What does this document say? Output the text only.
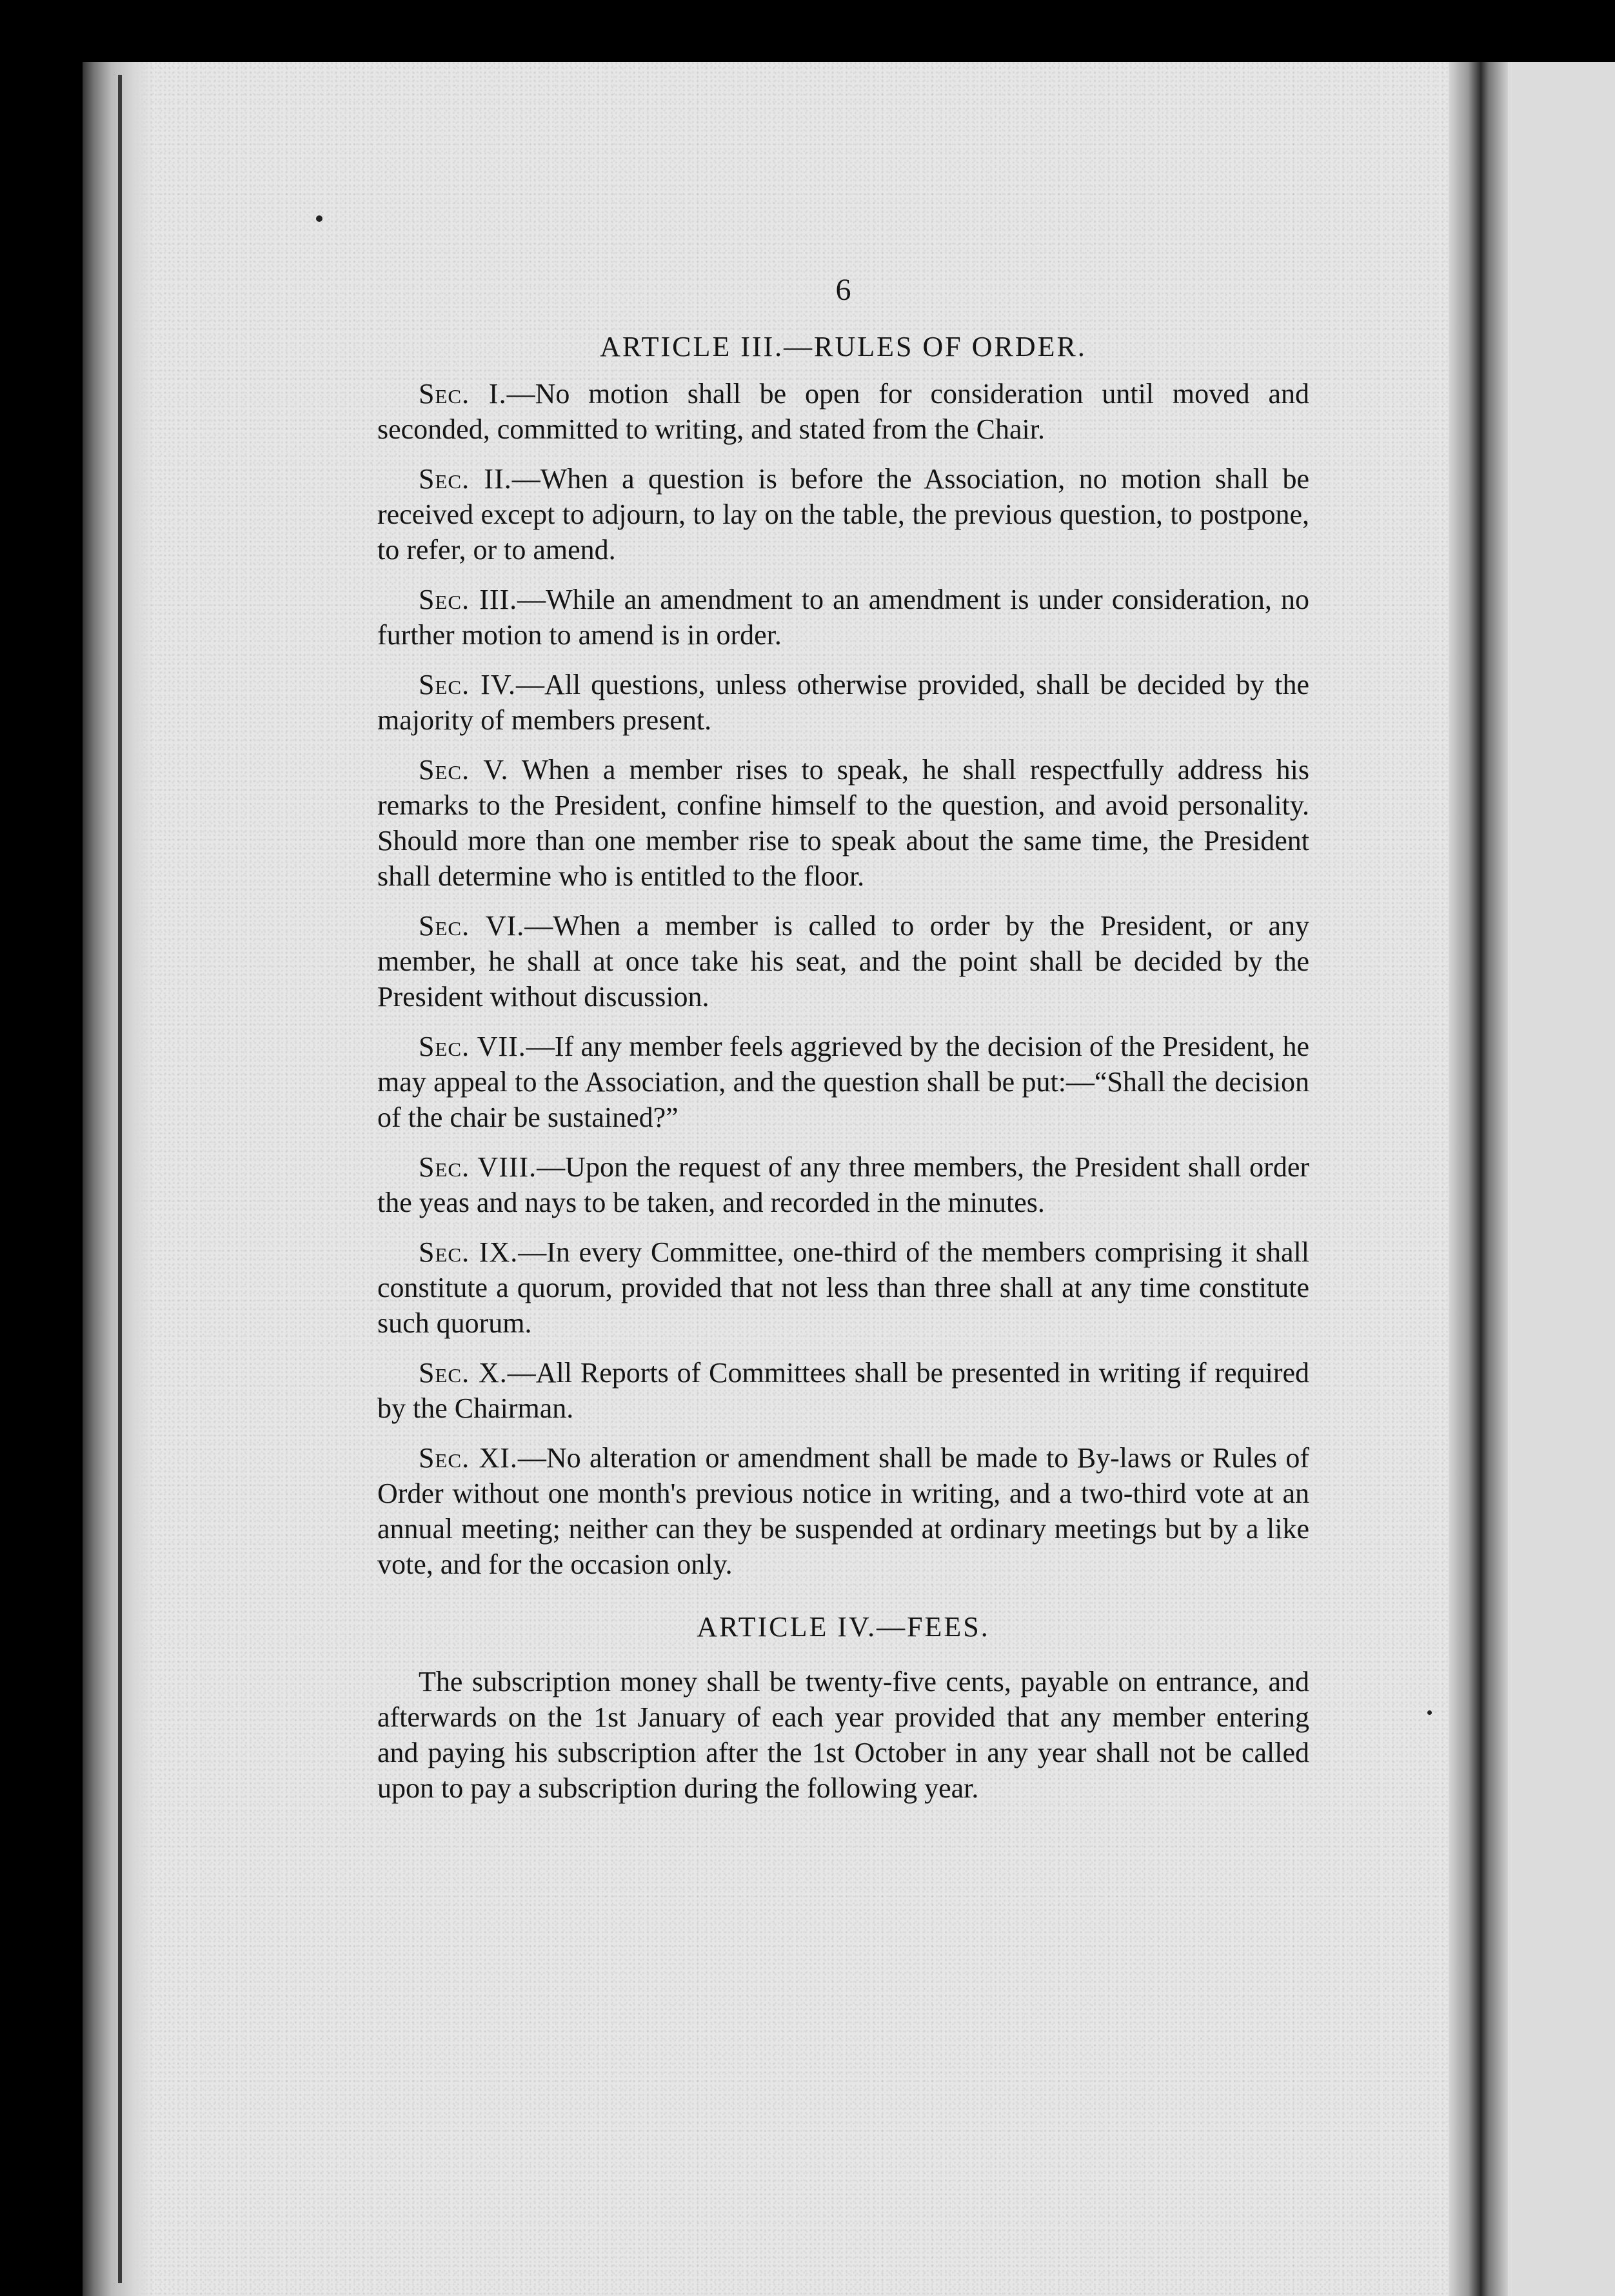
6
ARTICLE III.—RULES OF ORDER.

Sec. I.—No motion shall be open for consideration until moved and seconded, committed to writing, and stated from the Chair.

Sec. II.—When a question is before the Association, no motion shall be received except to adjourn, to lay on the table, the previous question, to postpone, to refer, or to amend.

Sec. III.—While an amendment to an amendment is under consideration, no further motion to amend is in order.

Sec. IV.—All questions, unless otherwise provided, shall be decided by the majority of members present.

Sec. V. When a member rises to speak, he shall respectfully address his remarks to the President, confine himself to the question, and avoid personality. Should more than one member rise to speak about the same time, the President shall determine who is entitled to the floor.

Sec. VI.—When a member is called to order by the President, or any member, he shall at once take his seat, and the point shall be decided by the President without discussion.

Sec. VII.—If any member feels aggrieved by the decision of the President, he may appeal to the Association, and the question shall be put:—“Shall the decision of the chair be sustained?”

Sec. VIII.—Upon the request of any three members, the President shall order the yeas and nays to be taken, and recorded in the minutes.

Sec. IX.—In every Committee, one-third of the members comprising it shall constitute a quorum, provided that not less than three shall at any time constitute such quorum.

Sec. X.—All Reports of Committees shall be presented in writing if required by the Chairman.

Sec. XI.—No alteration or amendment shall be made to By-laws or Rules of Order without one month's previous notice in writing, and a two-third vote at an annual meeting; neither can they be suspended at ordinary meetings but by a like vote, and for the occasion only.

ARTICLE IV.—FEES.

The subscription money shall be twenty-five cents, payable on entrance, and afterwards on the 1st January of each year provided that any member entering and paying his subscription after the 1st October in any year shall not be called upon to pay a subscription during the following year.
